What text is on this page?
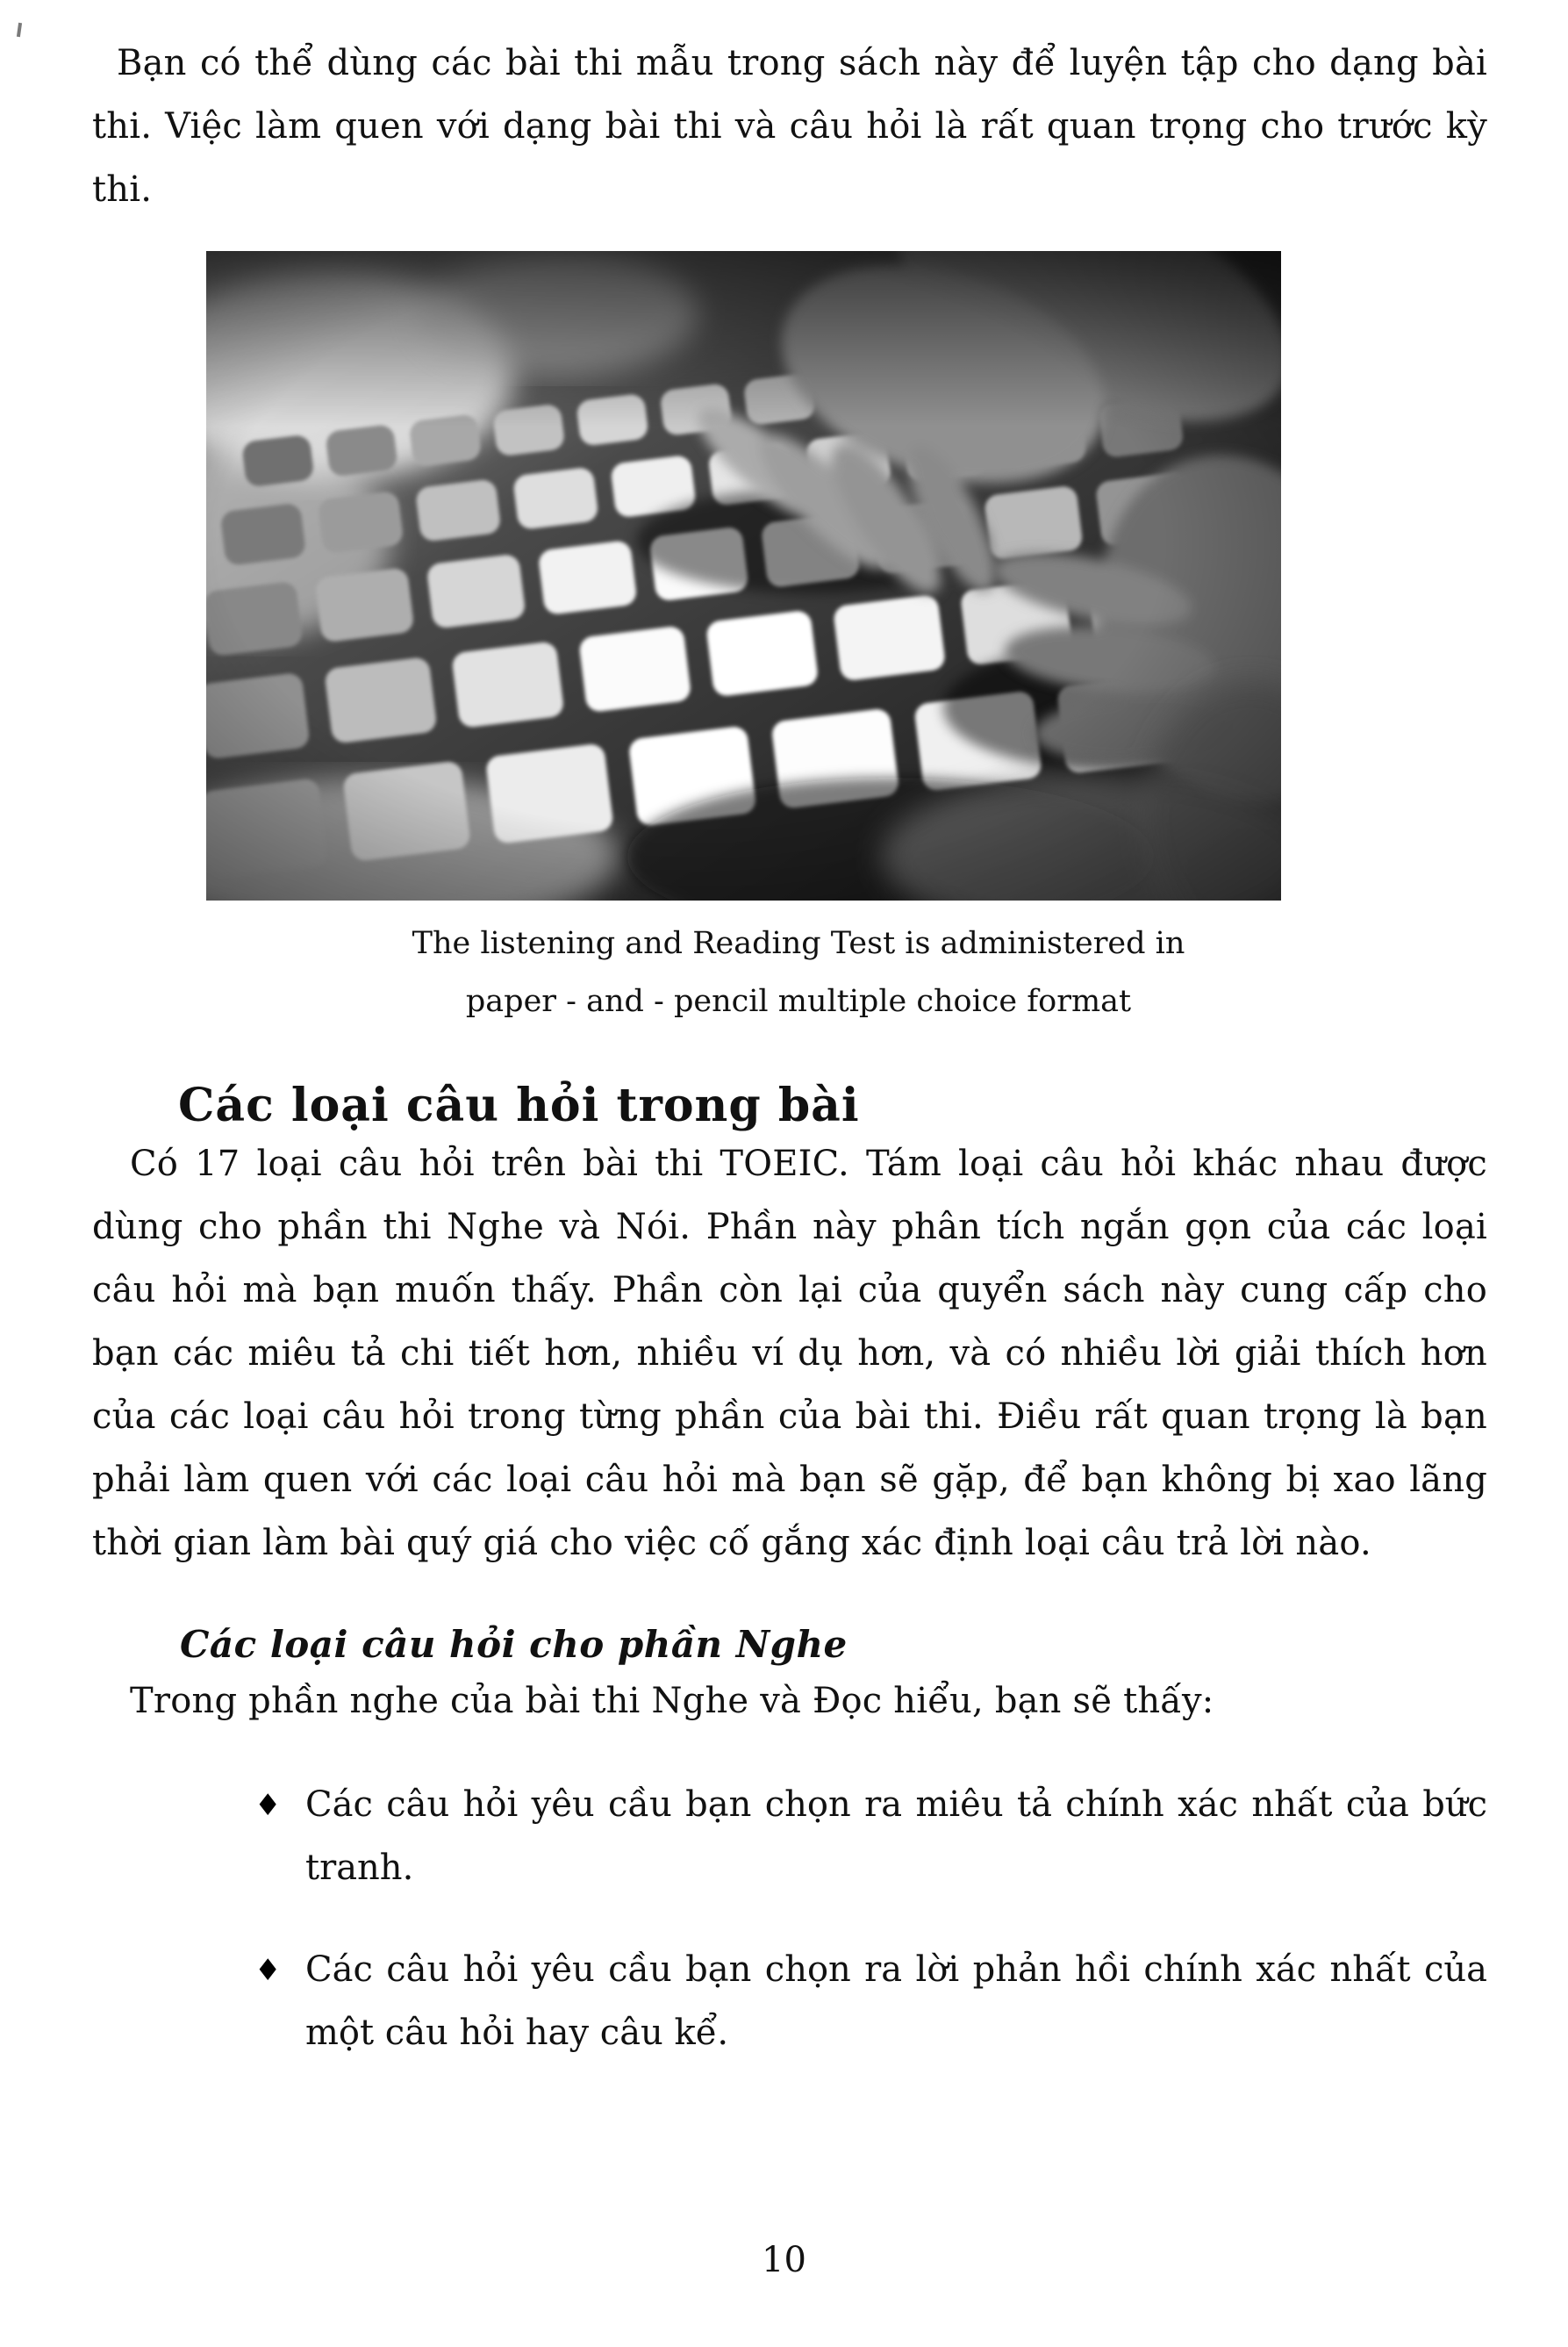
Bạn có thể dùng các bài thi mẫu trong sách này để luyện tập cho dạng bài thi. Việc làm quen với dạng bài thi và câu hỏi là rất quan trọng cho trước kỳ thi.

The listening and Reading Test is administered in
paper - and - pencil multiple choice format
Các loại câu hỏi trong bài

Có 17 loại câu hỏi trên bài thi TOEIC. Tám loại câu hỏi khác nhau được dùng cho phần thi Nghe và Nói. Phần này phân tích ngắn gọn của các loại câu hỏi mà bạn muốn thấy. Phần còn lại của quyển sách này cung cấp cho bạn các miêu tả chi tiết hơn, nhiều ví dụ hơn, và có nhiều lời giải thích hơn của các loại câu hỏi trong từng phần của bài thi. Điều rất quan trọng là bạn phải làm quen với các loại câu hỏi mà bạn sẽ gặp, để bạn không bị xao lãng thời gian làm bài quý giá cho việc cố gắng xác định loại câu trả lời nào.

Các loại câu hỏi cho phần Nghe

Trong phần nghe của bài thi Nghe và Đọc hiểu, bạn sẽ thấy:

♦ Các câu hỏi yêu cầu bạn chọn ra miêu tả chính xác nhất của bức tranh.

♦ Các câu hỏi yêu cầu bạn chọn ra lời phản hồi chính xác nhất của một câu hỏi hay câu kể.

10
